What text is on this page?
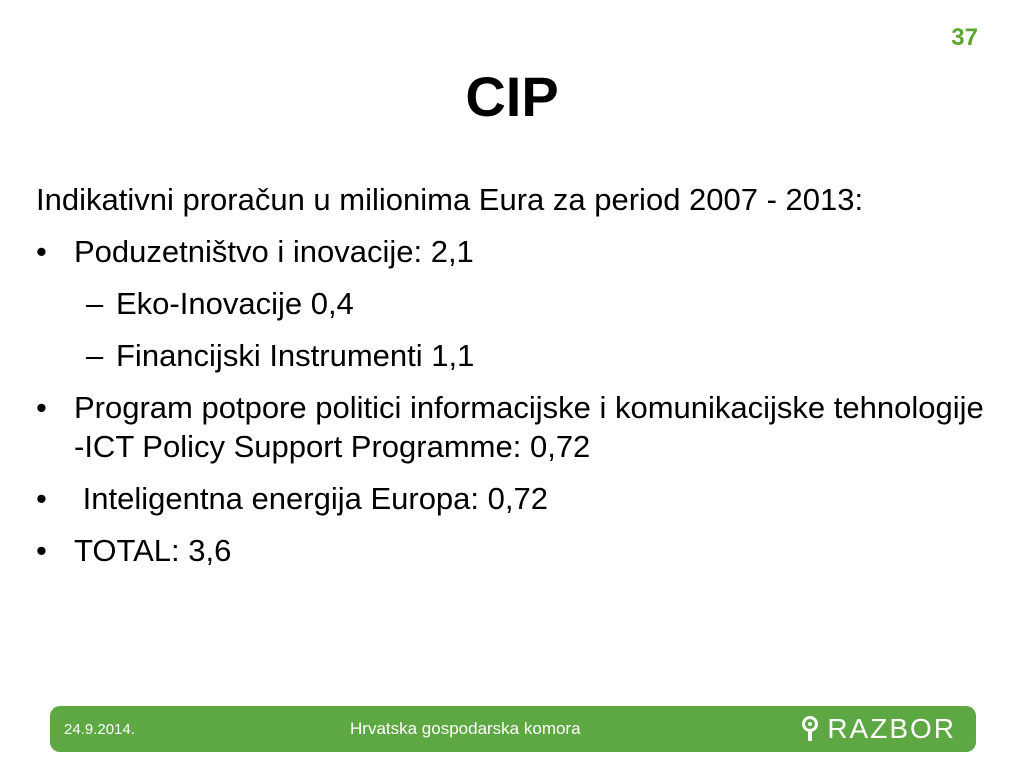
37
CIP
Indikativni proračun u milionima Eura za period 2007 - 2013:
• Poduzetništvo i inovacije: 2,1
– Eko-Inovacije 0,4
– Financijski Instrumenti 1,1
• Program potpore politici informacijske i komunikacijske tehnologije -ICT Policy Support Programme: 0,72
• Inteligentna energija Europa: 0,72
• TOTAL: 3,6
24.9.2014.	Hrvatska gospodarska komora	RAZBOR
